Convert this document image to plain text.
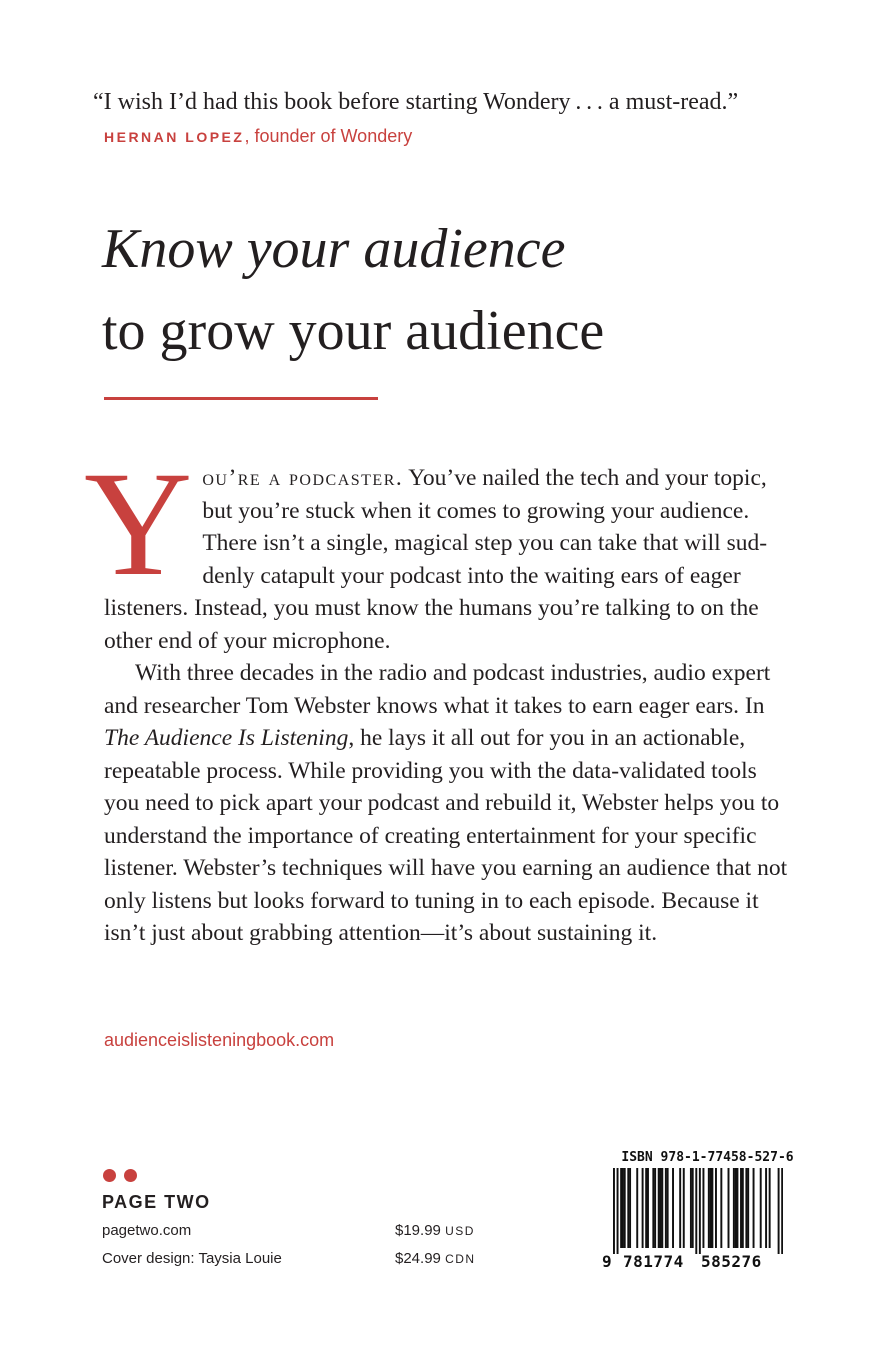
“I wish I’d had this book before starting Wondery . . . a must-read.”
HERNAN LOPEZ, founder of Wondery
Know your audience
to grow your audience

You’re a podcaster. You’ve nailed the tech and your topic, but you’re stuck when it comes to growing your audience. There isn’t a single, magical step you can take that will suddenly catapult your podcast into the waiting ears of eager listeners. Instead, you must know the humans you’re talking to on the other end of your microphone.

With three decades in the radio and podcast industries, audio expert and researcher Tom Webster knows what it takes to earn eager ears. In The Audience Is Listening, he lays it all out for you in an actionable, repeatable process. While providing you with the data-validated tools you need to pick apart your podcast and rebuild it, Webster helps you to understand the importance of creating entertainment for your specific listener. Webster’s techniques will have you earning an audience that not only listens but looks forward to tuning in to each episode. Because it isn’t just about grabbing attention—it’s about sustaining it.

audienceislisteningbook.com
PAGE TWO
pagetwo.com
Cover design: Taysia Louie
$19.99 USD
$24.99 CDN
ISBN 978-1-77458-527-6
9 781774 585276
